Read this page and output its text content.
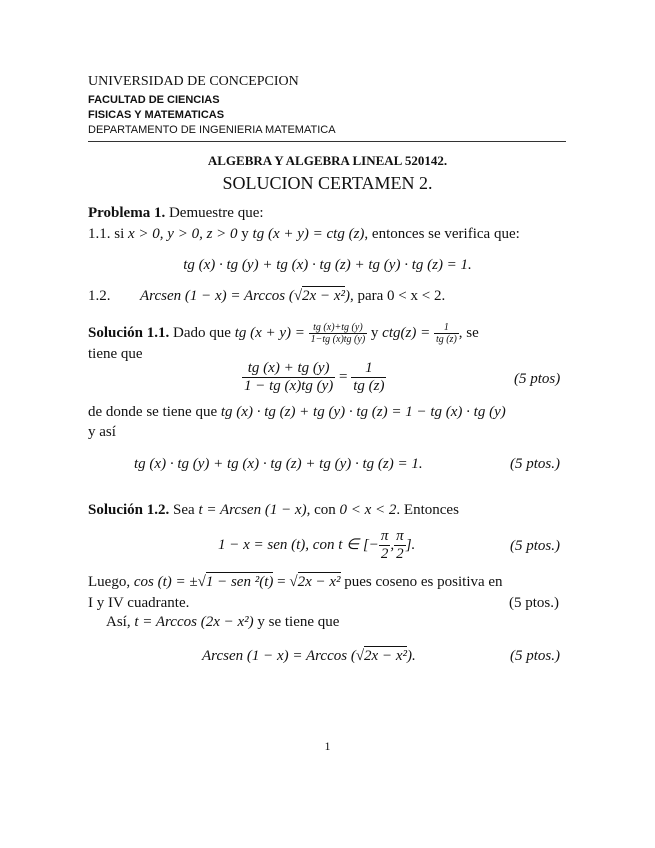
UNIVERSIDAD DE CONCEPCION
FACULTAD DE CIENCIAS
FISICAS Y MATEMATICAS
DEPARTAMENTO DE INGENIERIA MATEMATICA
ALGEBRA Y ALGEBRA LINEAL 520142.
SOLUCION CERTAMEN 2.
Problema 1. Demuestre que:
1.1. si x > 0, y > 0, z > 0 y tg (x + y) = ctg (z), entonces se verifica que:
tg (x) · tg (y) + tg (x) · tg (z) + tg (y) · tg (z) = 1.
1.2. Arcsen (1 − x) = Arccos (√2x − x²), para 0 < x < 2.
Solución 1.1. Dado que tg $(x + y) = \frac{tg (x)+tg (y)}{1-tg (x)tg (y)}$ y $ctg(z) = \frac{1}{tg (z)}$ , se
tiene que
$\frac{tg (x) + tg (y)}{1 - tg (x)tg (y)} = \frac{1}{tg (z)}$	(5 ptos)
de donde se tiene que tg (x) · tg (z) + tg (y) · tg (z) = 1 − tg (x) · tg (y)
y así
tg (x) · tg (y) + tg (x) · tg (z) + tg (y) · tg (z) = 1.	(5 ptos.)
Solución 1.2. Sea t = Arcsen (1 − x), con 0 < x < 2. Entonces
1 − x = sen (t), con t ∈ [− $\frac{\pi}{2}$ , $\frac{\pi}{2}$ ].	(5 ptos.)
Luego, cos (t) = ±√1 − sen ²(t) = √2x − x² pues coseno es positiva en
I y IV cuadrante.	(5 ptos.)
Así, t = Arccos (2x − x²) y se tiene que
Arcsen (1 − x) = Arccos (√2x − x²).	(5 ptos.)
1
